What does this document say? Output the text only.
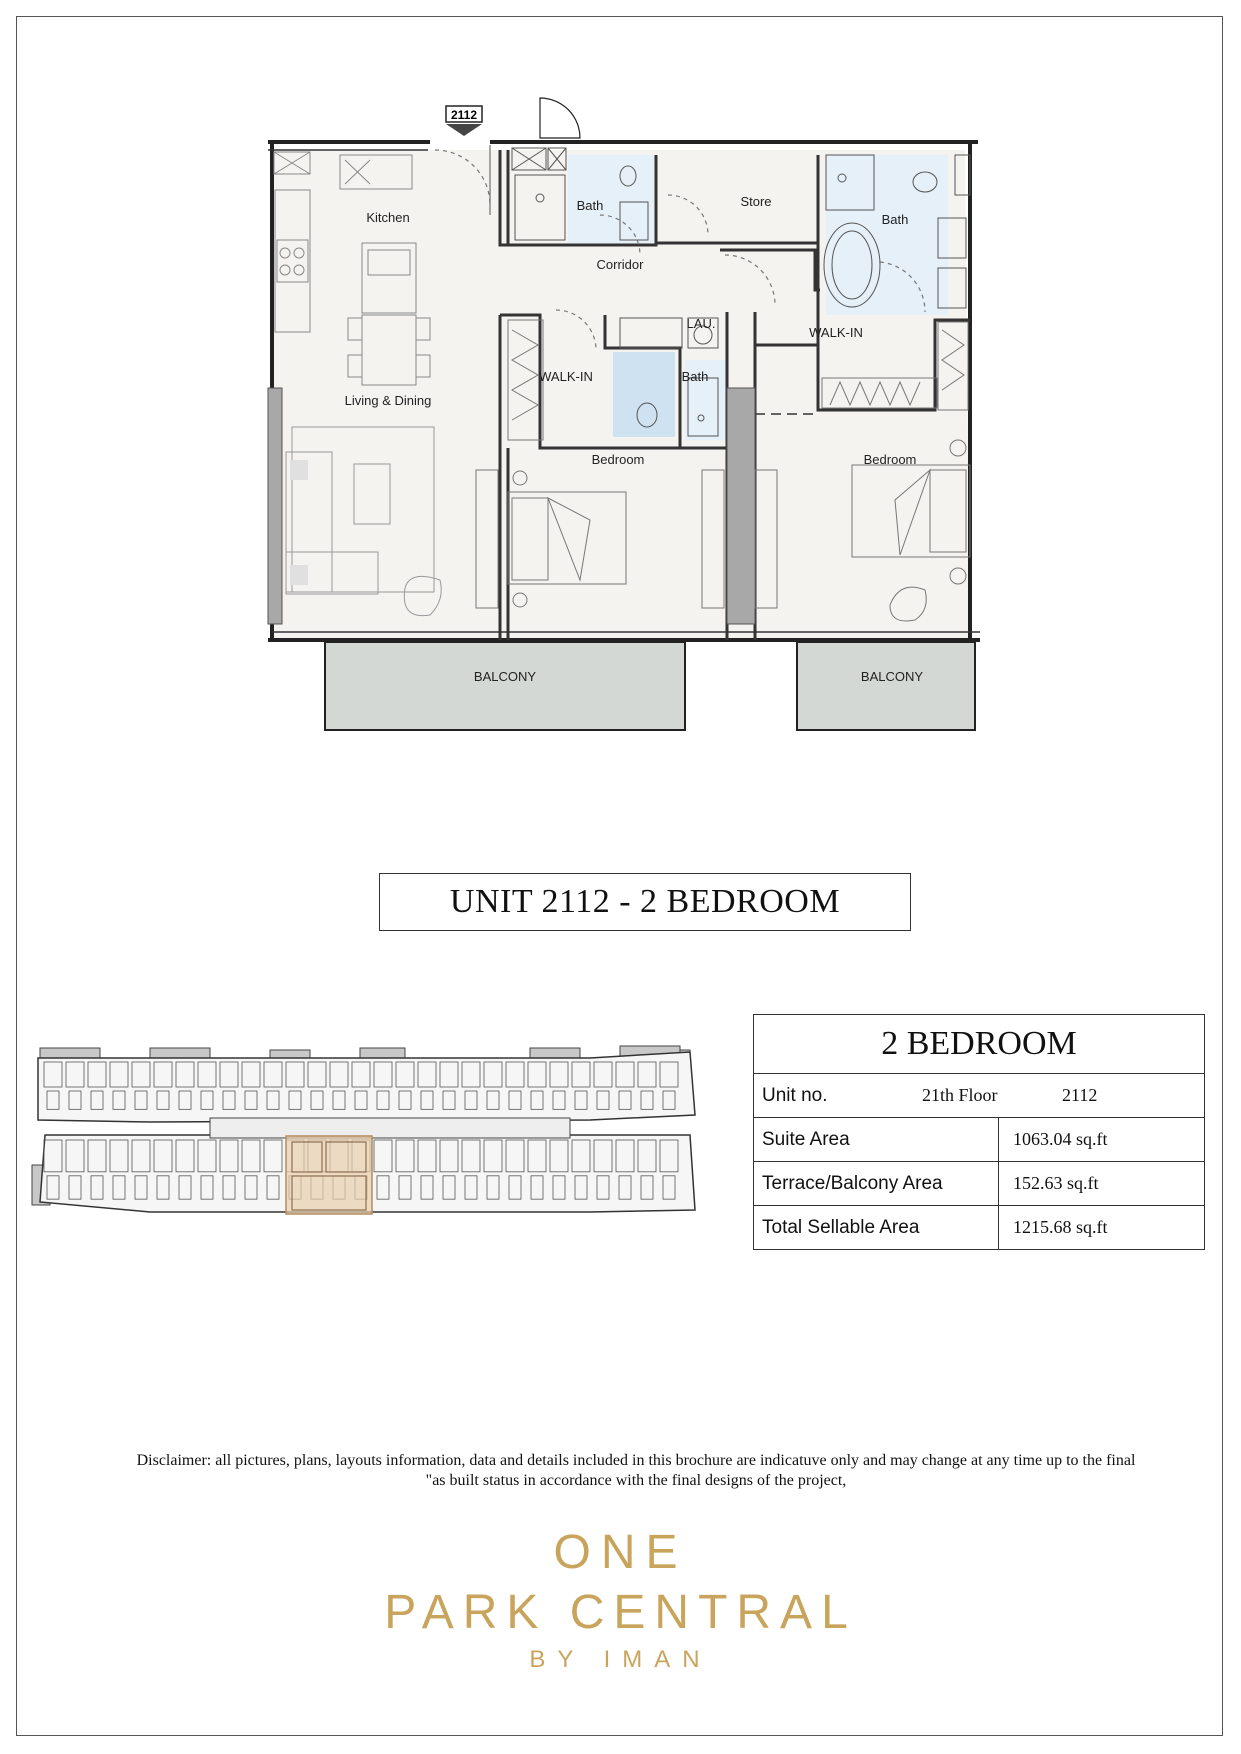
2112
Kitchen
Living & Dining
Bath
Corridor
Store
Bath
WALK-IN
WALK-IN
LAU.
Bath
Bedroom	Bedroom
BALCONY	BALCONY
UNIT 2112 - 2 BEDROOM
2 BEDROOM	

Unit no. 21th Floor 2112	

Suite Area	1063.04 sq.ft
Terrace/Balcony Area	152.63 sq.ft
Total Sellable Area	1215.68 sq.ft
Disclaimer: all pictures, plans, layouts information, data and details included in this brochure are indicatuve only and may change at any time up to the final
"as built status in accordance with the final designs of the project,
ONE
PARK CENTRAL
BY IMAN
